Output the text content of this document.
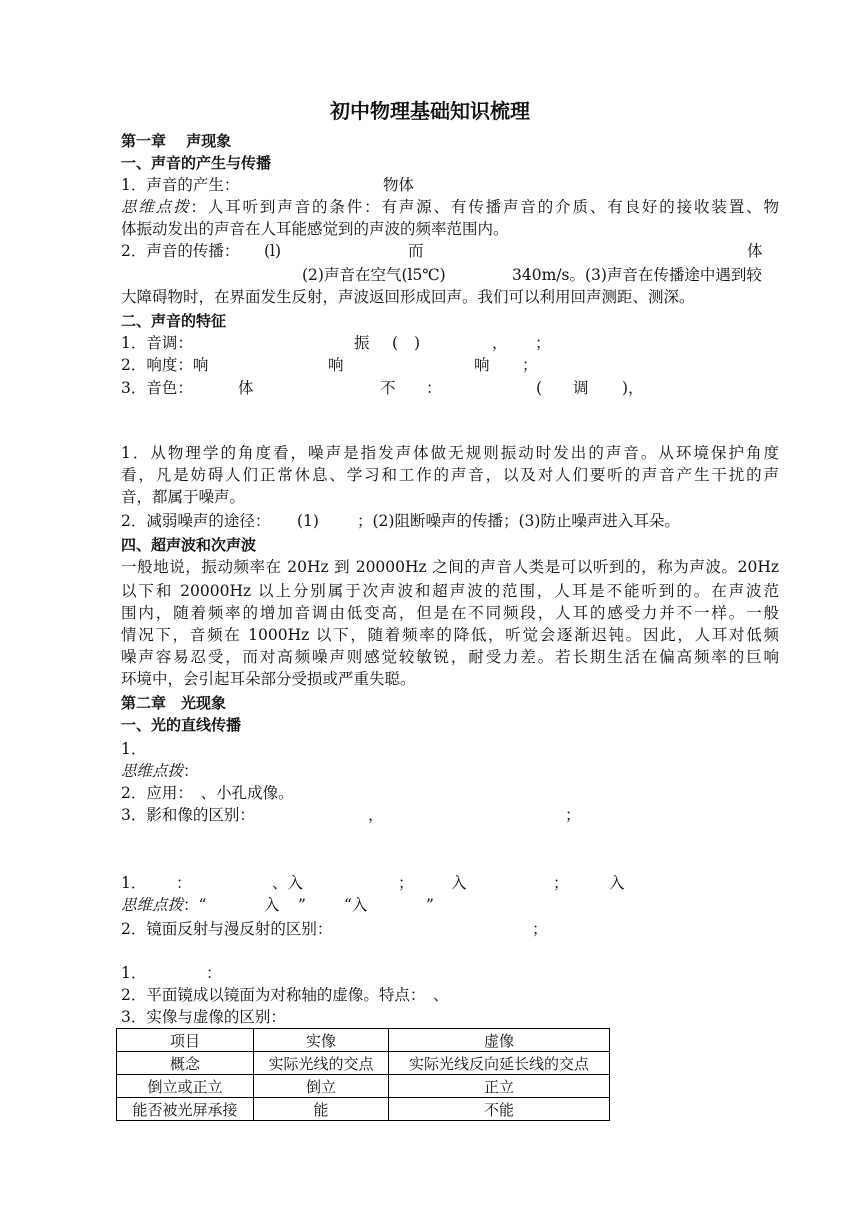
初中物理基础知识梳理
第一章　 声现象
一、声音的产生与传播
1．声音的产生：	物体
思维点拨：人耳听到声音的条件：有声源、有传播声音的介质、有良好的接收装置、物
体振动发出的声音在人耳能感觉到的声波的频率范围内。
2．声音的传播： (l)	而	体
(2)声音在空气(l5℃)	340m/s。(3)声音在传播途中遇到较
大障碍物时，在界面发生反射，声波返回形成回声。我们可以利用回声测距、测深。
二、声音的特征
1．音调：	振 ( )	， ；
2．响度：响	响	响 ；
3．音色：	体	不 ：	( 调 )，
1．从物理学的角度看，噪声是指发声体做无规则振动时发出的声音。从环境保护角度
看，凡是妨碍人们正常休息、学习和工作的声音，以及对人们要听的声音产生干扰的声
音，都属于噪声。
2．减弱噪声的途径： (1) ；(2)阻断噪声的传播；(3)防止噪声进入耳朵。
四、超声波和次声波
一般地说，振动频率在 20Hz 到 20000Hz 之间的声音人类是可以听到的，称为声波。20Hz
以下和 20000Hz 以上分别属于次声波和超声波的范围，人耳是不能听到的。在声波范
围内，随着频率的增加音调由低变高，但是在不同频段，人耳的感受力并不一样。一般
情况下，音频在 1000Hz 以下，随着频率的降低，听觉会逐渐迟钝。因此，人耳对低频
噪声容易忍受，而对高频噪声则感觉较敏锐，耐受力差。若长期生活在偏高频率的巨响
环境中，会引起耳朵部分受损或严重失聪。
第二章　光现象
一、光的直线传播
1．
思维点拨：
2．应用：　、小孔成像。
3．影和像的区别：	，	；
1． ：	、入	； 入	；	入
思维点拨：“	入 ” “入	”
2．镜面反射与漫反射的区别：	；
1．	：
2．平面镜成以镜面为对称轴的虚像。特点：　、
3．实像与虚像的区别：
项目	实像	虚像
概念	实际光线的交点	实际光线反向延长线的交点
倒立或正立	倒立	正立
能否被光屏承接	能	不能
